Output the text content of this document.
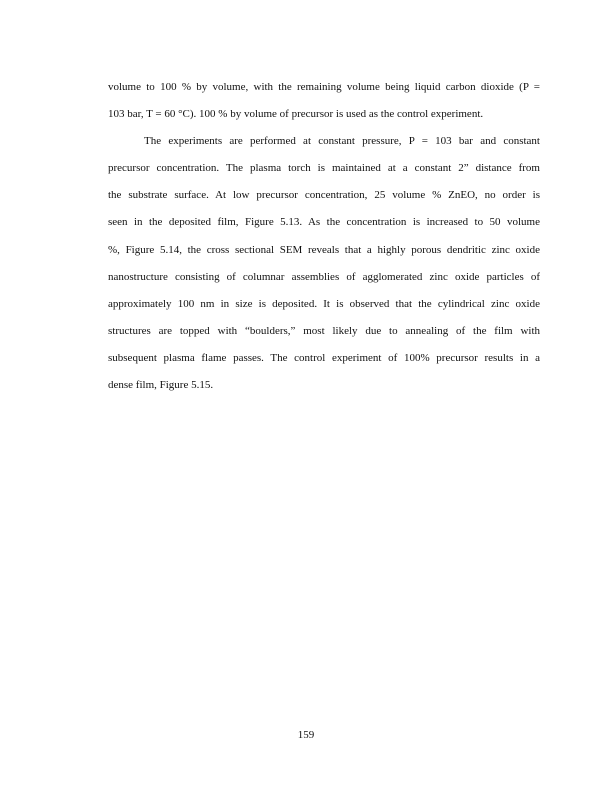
volume to 100 % by volume, with the remaining volume being liquid carbon dioxide (P =
103 bar, T = 60 °C). 100 % by volume of precursor is used as the control experiment.
The experiments are performed at constant pressure, P = 103 bar and constant
precursor concentration. The plasma torch is maintained at a constant 2” distance from
the substrate surface. At low precursor concentration, 25 volume % ZnEO, no order is
seen in the deposited film, Figure 5.13. As the concentration is increased to 50 volume
%, Figure 5.14, the cross sectional SEM reveals that a highly porous dendritic zinc oxide
nanostructure consisting of columnar assemblies of agglomerated zinc oxide particles of
approximately 100 nm in size is deposited. It is observed that the cylindrical zinc oxide
structures are topped with “boulders,” most likely due to annealing of the film with
subsequent plasma flame passes. The control experiment of 100% precursor results in a
dense film, Figure 5.15.
159
